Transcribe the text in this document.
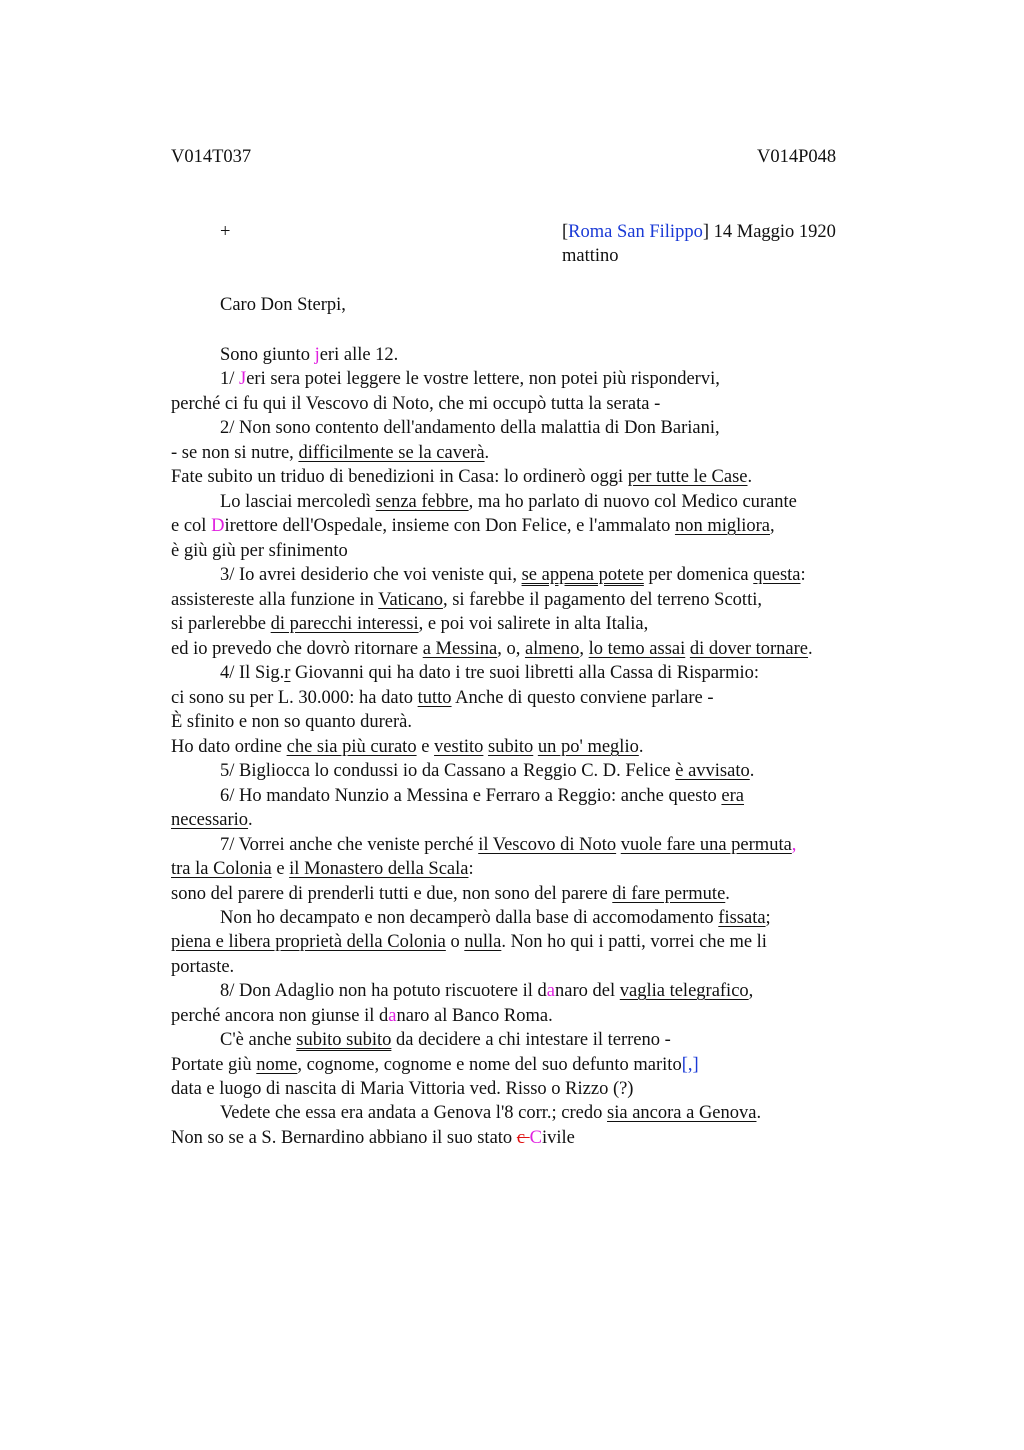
V014T037	V014P048
+	[Roma San Filippo] 14 Maggio 1920
mattino
Caro Don Sterpi,
Sono giunto jeri alle 12.
1/ Jeri sera potei leggere le vostre lettere, non potei più rispondervi,
perché ci fu qui il Vescovo di Noto, che mi occupò tutta la serata -
2/ Non sono contento dell'andamento della malattia di Don Bariani,
- se non si nutre, difficilmente se la caverà.
Fate subito un triduo di benedizioni in Casa: lo ordinerò oggi per tutte le Case.
Lo lasciai mercoledì senza febbre, ma ho parlato di nuovo col Medico curante
e col Direttore dell'Ospedale, insieme con Don Felice, e l'ammalato non migliora,
è giù giù per sfinimento
3/ Io avrei desiderio che voi veniste qui, se appena potete per domenica questa:
assistereste alla funzione in Vaticano, si farebbe il pagamento del terreno Scotti,
si parlerebbe di parecchi interessi, e poi voi salirete in alta Italia,
ed io prevedo che dovrò ritornare a Messina, o, almeno, lo temo assai di dover tornare.
4/ Il Sig.r Giovanni qui ha dato i tre suoi libretti alla Cassa di Risparmio:
ci sono su per L. 30.000: ha dato tutto Anche di questo conviene parlare -
È sfinito e non so quanto durerà.
Ho dato ordine che sia più curato e vestito subito un po' meglio.
5/ Bigliocca lo condussi io da Cassano a Reggio C. D. Felice è avvisato.
6/ Ho mandato Nunzio a Messina e Ferraro a Reggio: anche questo era
necessario.
7/ Vorrei anche che veniste perché il Vescovo di Noto vuole fare una permuta,
tra la Colonia e il Monastero della Scala:
sono del parere di prenderli tutti e due, non sono del parere di fare permute.
Non ho decampato e non decamperò dalla base di accomodamento fissata;
piena e libera proprietà della Colonia o nulla. Non ho qui i patti, vorrei che me li
portaste.
8/ Don Adaglio non ha potuto riscuotere il danaro del vaglia telegrafico,
perché ancora non giunse il danaro al Banco Roma.
C'è anche subito subito da decidere a chi intestare il terreno -
Portate giù nome, cognome, cognome e nome del suo defunto marito[,]
data e luogo di nascita di Maria Vittoria ved. Risso o Rizzo (?)
Vedete che essa era andata a Genova l'8 corr.; credo sia ancora a Genova.
Non so se a S. Bernardino abbiano il suo stato c Civile
